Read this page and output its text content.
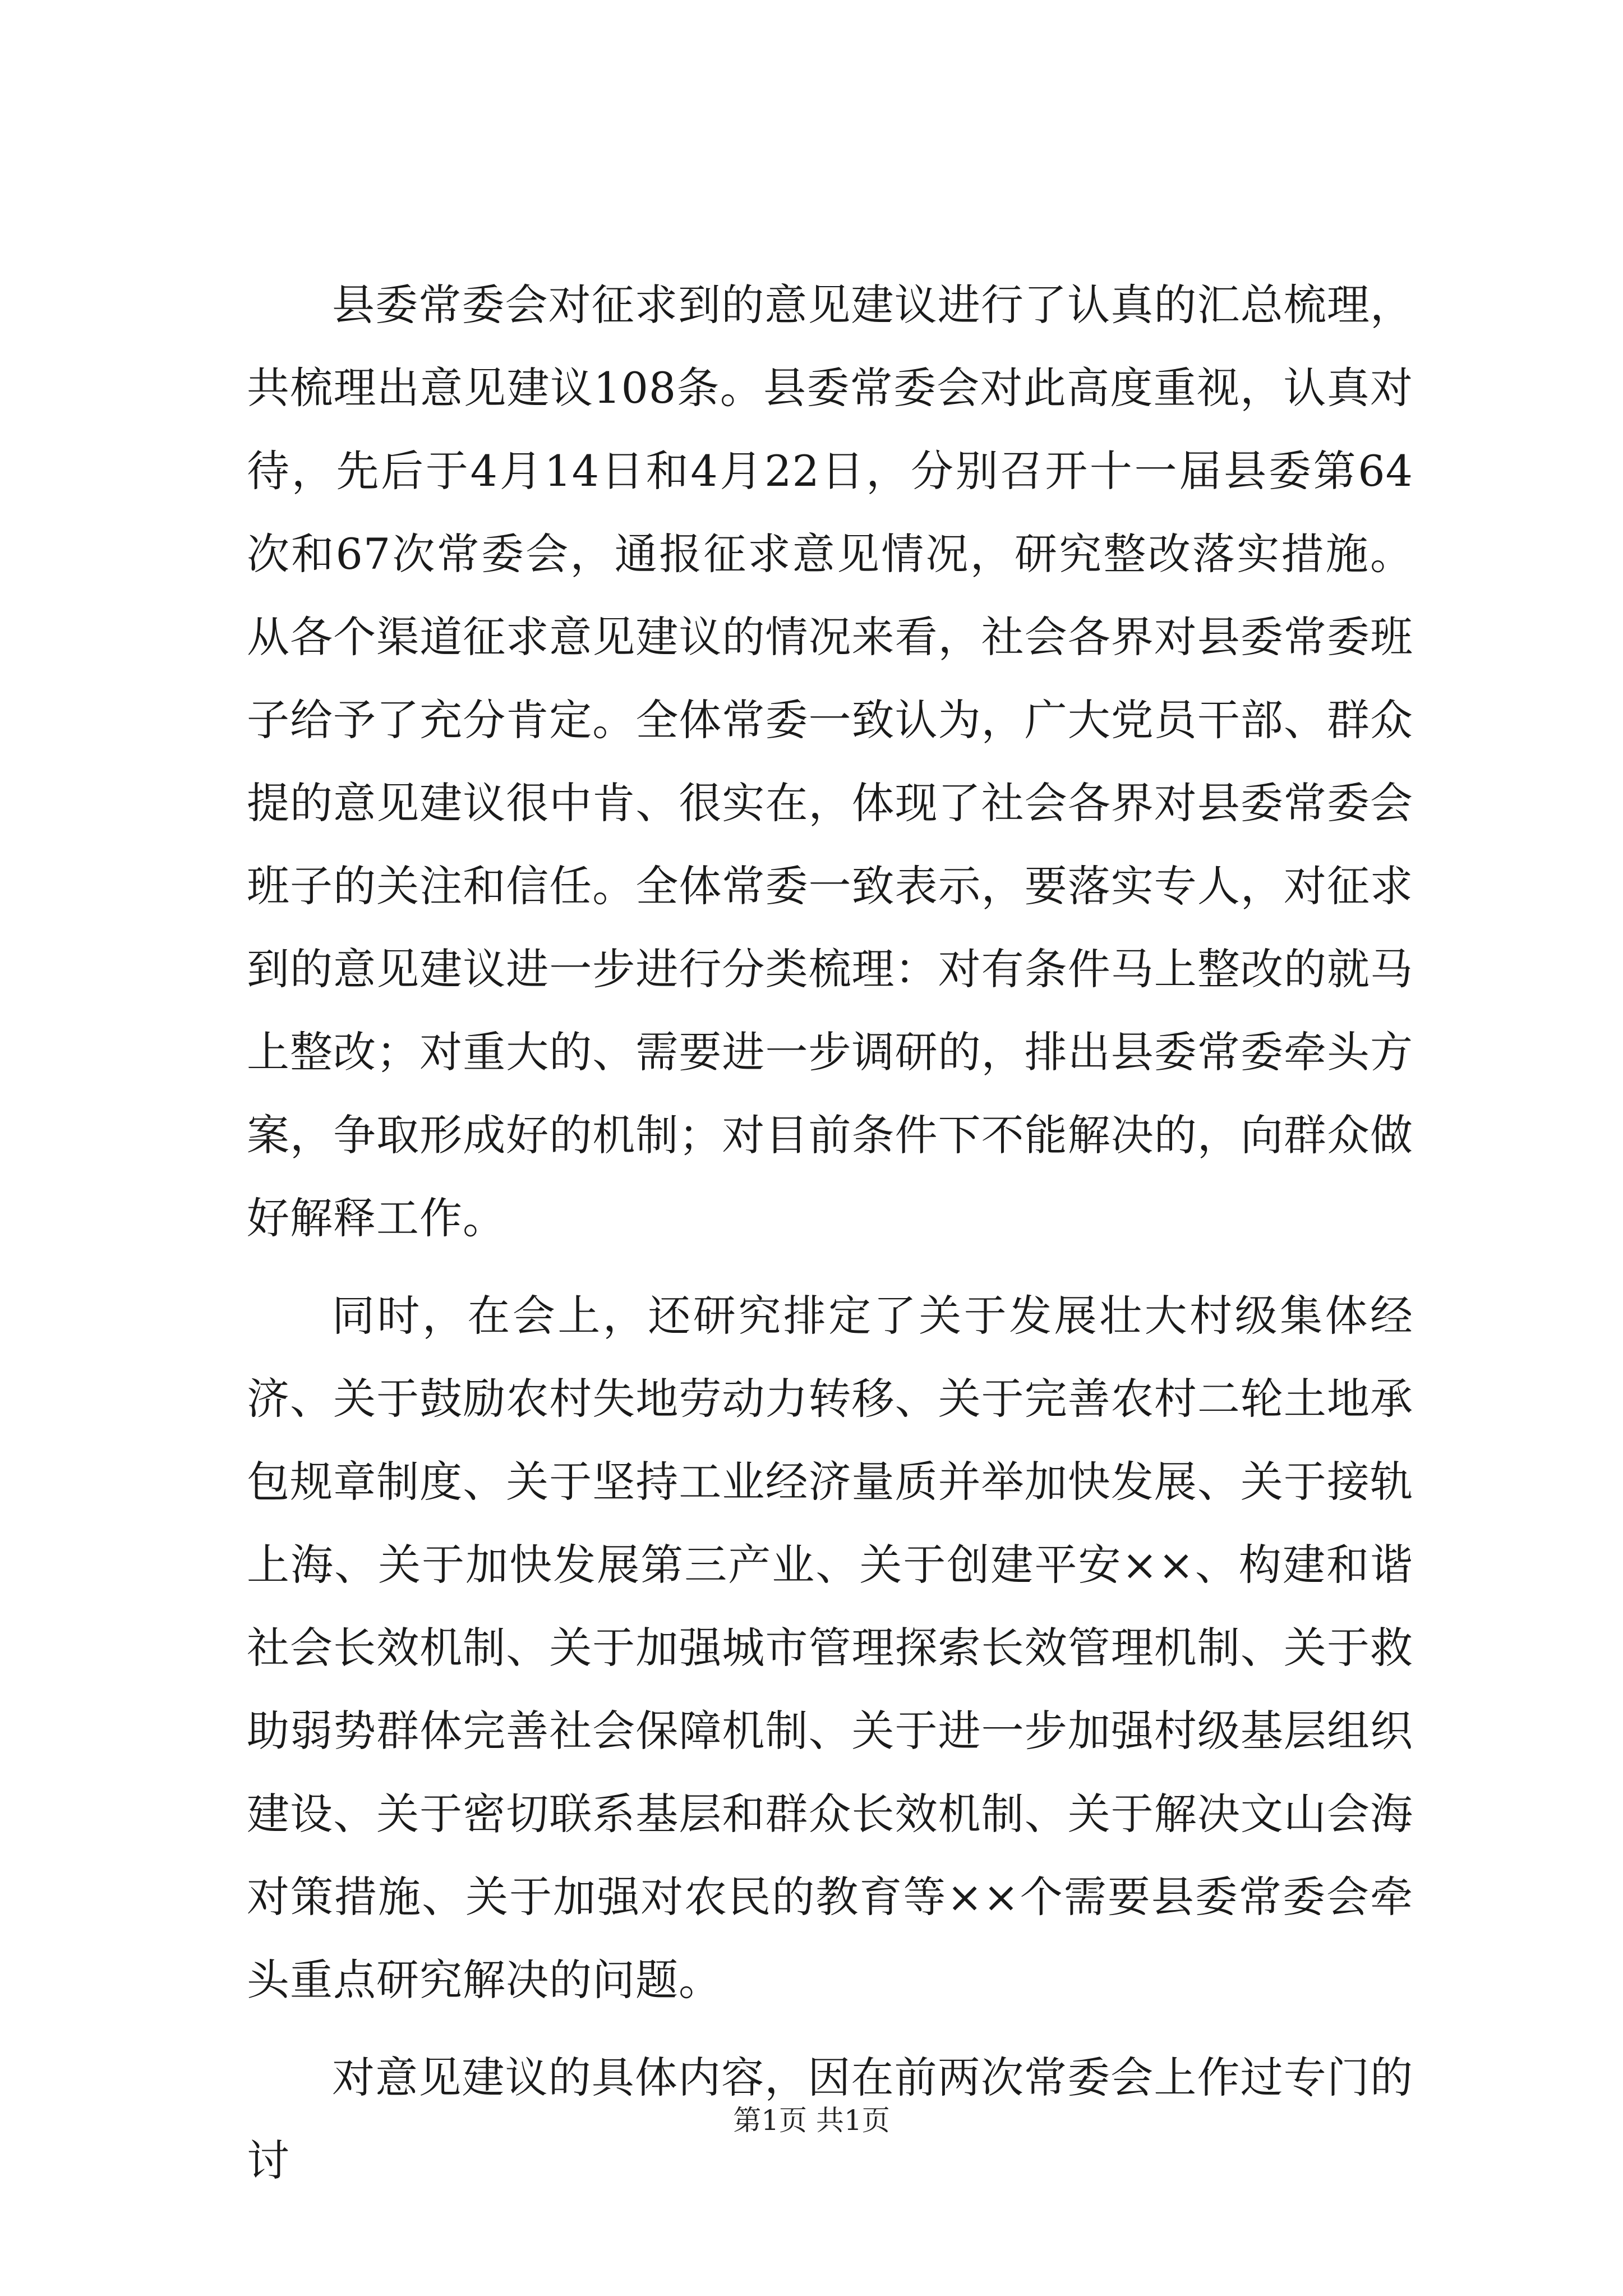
县委常委会对征求到的意见建议进行了认真的汇总梳理，共梳理出意见建议108条。县委常委会对此高度重视，认真对待，先后于4月14日和4月22日，分别召开十一届县委第64次和67次常委会，通报征求意见情况，研究整改落实措施。从各个渠道征求意见建议的情况来看，社会各界对县委常委班子给予了充分肯定。全体常委一致认为，广大党员干部、群众提的意见建议很中肯、很实在，体现了社会各界对县委常委会班子的关注和信任。全体常委一致表示，要落实专人，对征求到的意见建议进一步进行分类梳理：对有条件马上整改的就马上整改；对重大的、需要进一步调研的，排出县委常委牵头方案，争取形成好的机制；对目前条件下不能解决的，向群众做好解释工作。

同时，在会上，还研究排定了关于发展壮大村级集体经济、关于鼓励农村失地劳动力转移、关于完善农村二轮土地承包规章制度、关于坚持工业经济量质并举加快发展、关于接轨上海、关于加快发展第三产业、关于创建平安××、构建和谐社会长效机制、关于加强城市管理探索长效管理机制、关于救助弱势群体完善社会保障机制、关于进一步加强村级基层组织建设、关于密切联系基层和群众长效机制、关于解决文山会海对策措施、关于加强对农民的教育等××个需要县委常委会牵头重点研究解决的问题。

对意见建议的具体内容，因在前两次常委会上作过专门的讨

第1页 共1页
